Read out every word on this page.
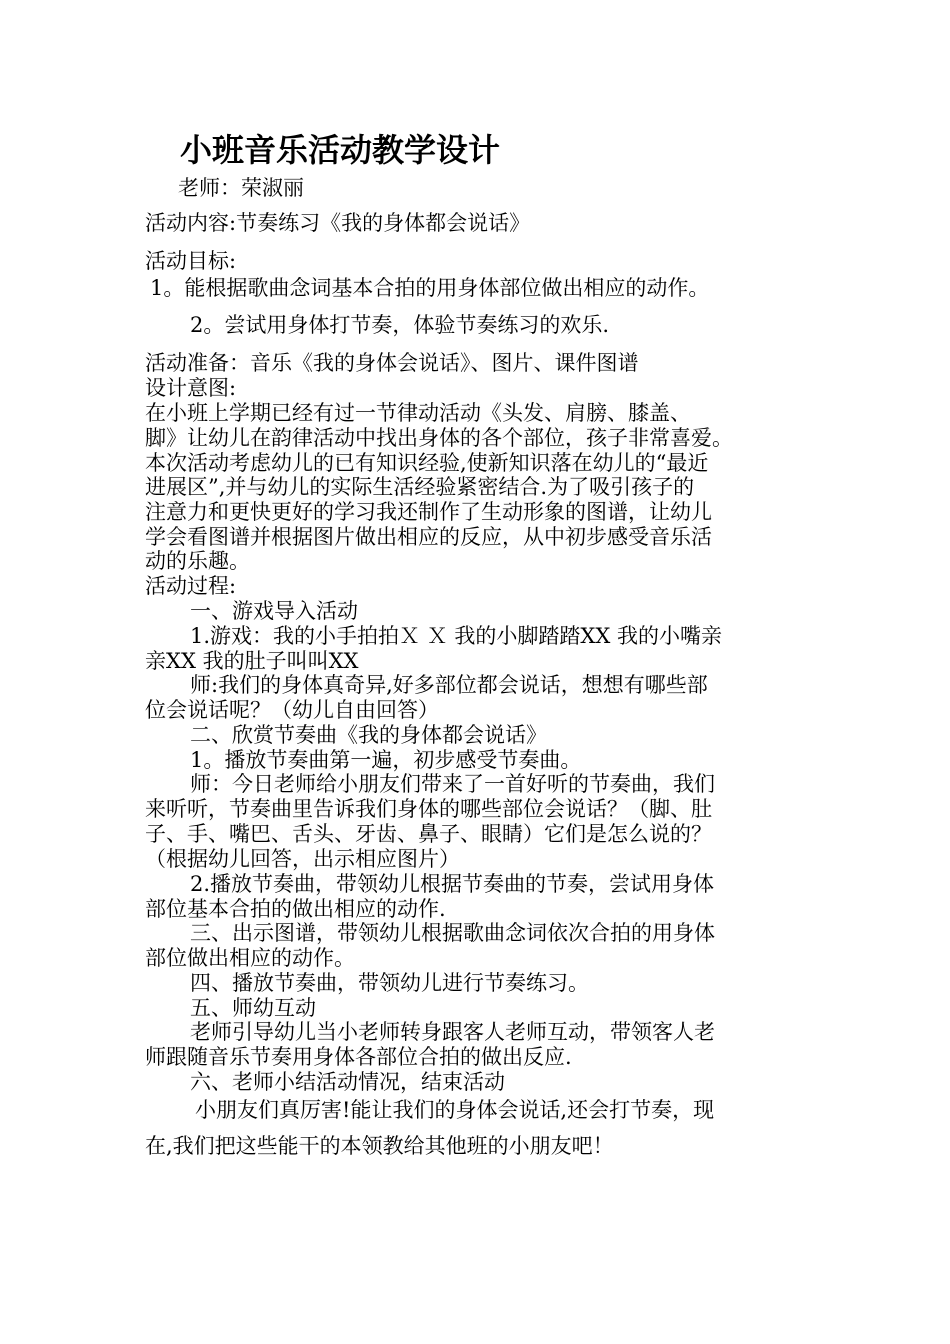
小班音乐活动教学设计
老师：荣淑丽
活动内容:节奏练习《我的身体都会说话》
活动目标:
1。能根据歌曲念词基本合拍的用身体部位做出相应的动作。
2。尝试用身体打节奏，体验节奏练习的欢乐.
活动准备：音乐《我的身体会说话》、图片、课件图谱
设计意图:
在小班上学期已经有过一节律动活动《头发、肩膀、膝盖、
脚》让幼儿在韵律活动中找出身体的各个部位，孩子非常喜爱。
本次活动考虑幼儿的已有知识经验,使新知识落在幼儿的“最近
进展区”,并与幼儿的实际生活经验紧密结合.为了吸引孩子的
注意力和更快更好的学习我还制作了生动形象的图谱，让幼儿
学会看图谱并根据图片做出相应的反应，从中初步感受音乐活
动的乐趣。
活动过程:
一、游戏导入活动
1.游戏：我的小手拍拍Ｘ Ｘ 我的小脚踏踏XX 我的小嘴亲
亲XX 我的肚子叫叫XX
师:我们的身体真奇异,好多部位都会说话，想想有哪些部
位会说话呢？（幼儿自由回答）
二、欣赏节奏曲《我的身体都会说话》
1。播放节奏曲第一遍，初步感受节奏曲。
师：今日老师给小朋友们带来了一首好听的节奏曲，我们
来听听，节奏曲里告诉我们身体的哪些部位会说话？（脚、肚
子、手、嘴巴、舌头、牙齿、鼻子、眼睛）它们是怎么说的？
（根据幼儿回答，出示相应图片）
2.播放节奏曲，带领幼儿根据节奏曲的节奏，尝试用身体
部位基本合拍的做出相应的动作.
三、出示图谱，带领幼儿根据歌曲念词依次合拍的用身体
部位做出相应的动作。
四、播放节奏曲，带领幼儿进行节奏练习。
五、师幼互动
老师引导幼儿当小老师转身跟客人老师互动，带领客人老
师跟随音乐节奏用身体各部位合拍的做出反应.
六、老师小结活动情况，结束活动
小朋友们真厉害!能让我们的身体会说话,还会打节奏，现
在,我们把这些能干的本领教给其他班的小朋友吧！
